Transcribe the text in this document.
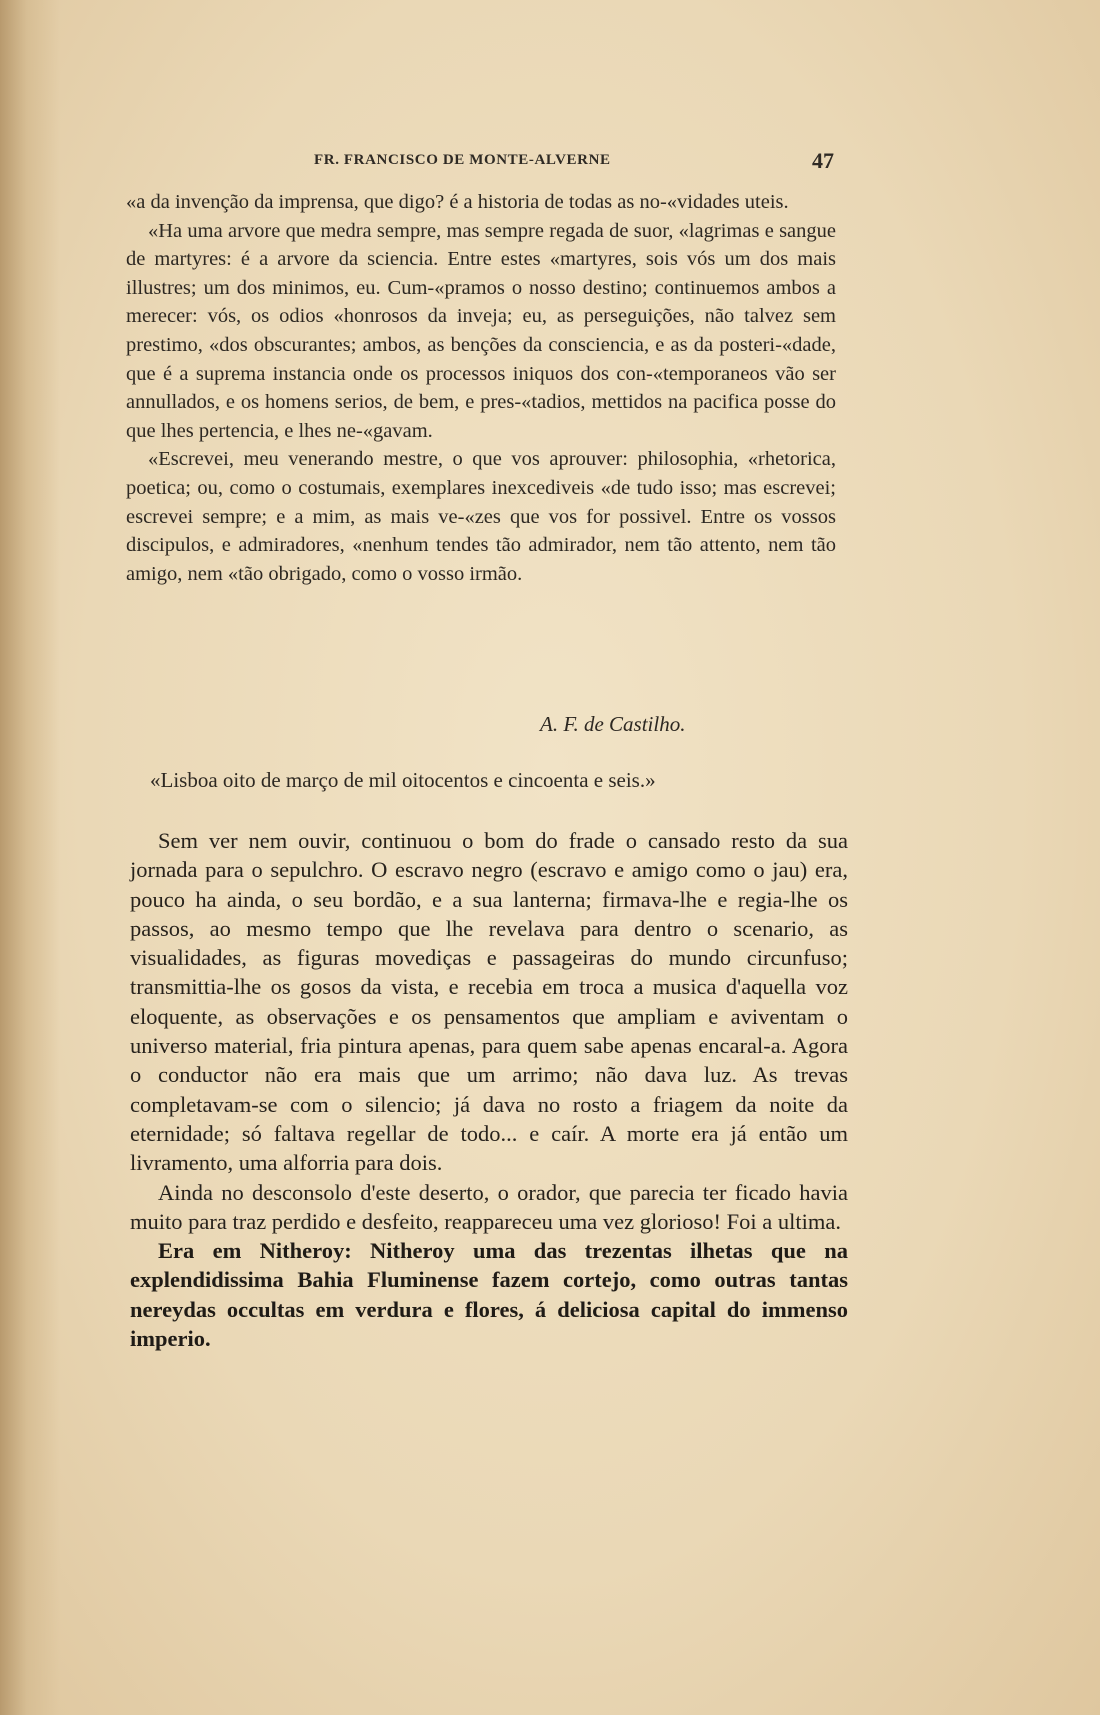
FR. FRANCISCO DE MONTE-ALVERNE	47

«a da invenção da imprensa, que digo? é a historia de todas as no-«vidades uteis.

«Ha uma arvore que medra sempre, mas sempre regada de suor, «lagrimas e sangue de martyres: é a arvore da sciencia. Entre estes «martyres, sois vós um dos mais illustres; um dos minimos, eu. Cum-«pramos o nosso destino; continuemos ambos a merecer: vós, os odios «honrosos da inveja; eu, as perseguições, não talvez sem prestimo, «dos obscurantes; ambos, as benções da consciencia, e as da posteri-«dade, que é a suprema instancia onde os processos iniquos dos con-«temporaneos vão ser annullados, e os homens serios, de bem, e pres-«tadios, mettidos na pacifica posse do que lhes pertencia, e lhes ne-«gavam.

«Escrevei, meu venerando mestre, o que vos aprouver: philosophia, «rhetorica, poetica; ou, como o costumais, exemplares inexcediveis «de tudo isso; mas escrevei; escrevei sempre; e a mim, as mais ve-«zes que vos for possivel. Entre os vossos discipulos, e admiradores, «nenhum tendes tão admirador, nem tão attento, nem tão amigo, nem «tão obrigado, como o vosso irmão.

A. F. de Castilho.
«Lisboa oito de março de mil oitocentos e cincoenta e seis.»

Sem ver nem ouvir, continuou o bom do frade o cansado resto da sua jornada para o sepulchro. O escravo negro (escravo e amigo como o jau) era, pouco ha ainda, o seu bordão, e a sua lanterna; firmava-lhe e regia-lhe os passos, ao mesmo tempo que lhe revelava para dentro o scenario, as visualidades, as figuras movediças e passageiras do mundo circunfuso; transmittia-lhe os gosos da vista, e recebia em troca a musica d'aquella voz eloquente, as observações e os pensamentos que ampliam e aviventam o universo material, fria pintura apenas, para quem sabe apenas encaral-a. Agora o conductor não era mais que um arrimo; não dava luz. As trevas completavam-se com o silencio; já dava no rosto a friagem da noite da eternidade; só faltava regellar de todo... e caír. A morte era já então um livramento, uma alforria para dois.

Ainda no desconsolo d'este deserto, o orador, que parecia ter ficado havia muito para traz perdido e desfeito, reappareceu uma vez glorioso! Foi a ultima.

Era em Nitheroy: Nitheroy uma das trezentas ilhetas que na explendidissima Bahia Fluminense fazem cortejo, como outras tantas nereydas occultas em verdura e flores, á deliciosa capital do immenso imperio.
